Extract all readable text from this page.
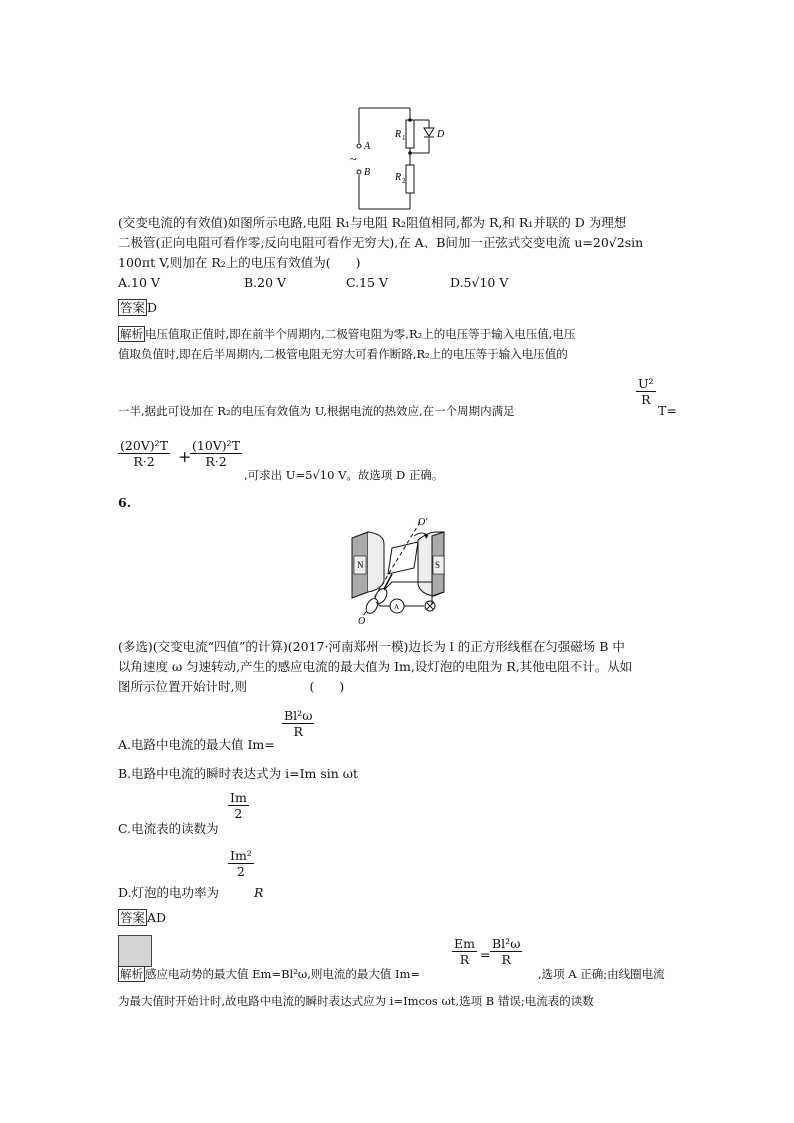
A
B
~
R 1
R 2
D
(交变电流的有效值)如图所示电路,电阻 R₁与电阻 R₂阻值相同,都为 R,和 R₁并联的 D 为理想
二极管(正向电阻可看作零,反向电阻可看作无穷大),在 A、B间加一正弦式交变电流 u=20√2sin
100πt V,则加在 R₂上的电压有效值为(　　)
A.10 V	B.20 V	C.15 V	D.5√10 V
答案 D
解析 电压值取正值时,即在前半个周期内,二极管电阻为零,R₂上的电压等于输入电压值,电压
值取负值时,即在后半周期内,二极管电阻无穷大可看作断路,R₂上的电压等于输入电压值的
$\frac{\text{U²}}{R}$
一半,据此可设加在 R₂的电压有效值为 U,根据电流的热效应,在一个周期内满足	T=
$\frac{\text{(20V)²T}}{R\cdot 2}$ +
$\frac{\text{(10V)²T}}{R\cdot 2}$
,可求出 U=5√10 V。故选项 D 正确。
6.
N	S
O′
O
A
(多选)(交变电流“四值”的计算)(2017·河南郑州一模)边长为 l 的正方形线框在匀强磁场 B 中
以角速度 ω 匀速转动,产生的感应电流的最大值为 Im,设灯泡的电阻为 R,其他电阻不计。从如
图所示位置开始计时,则　　　　　(　　)
$\frac{\text{Bl²ω}}{R}$
A.电路中电流的最大值 Im=
B.电路中电流的瞬时表达式为 i=Im sin ωt
$\frac{Im}{2}$
C.电流表的读数为
$\frac{\text{Im²}}{2}$
D.灯泡的电功率为	R
答案 AD
$\frac{Em}{R} = \frac{\text{Bl²ω}}{R}$
解析 感应电动势的最大值 Em=Bl²ω,则电流的最大值 Im=	,选项 A 正确;由线圈电流
为最大值时开始计时,故电路中电流的瞬时表达式应为 i=Imcos ωt,选项 B 错误;电流表的读数
